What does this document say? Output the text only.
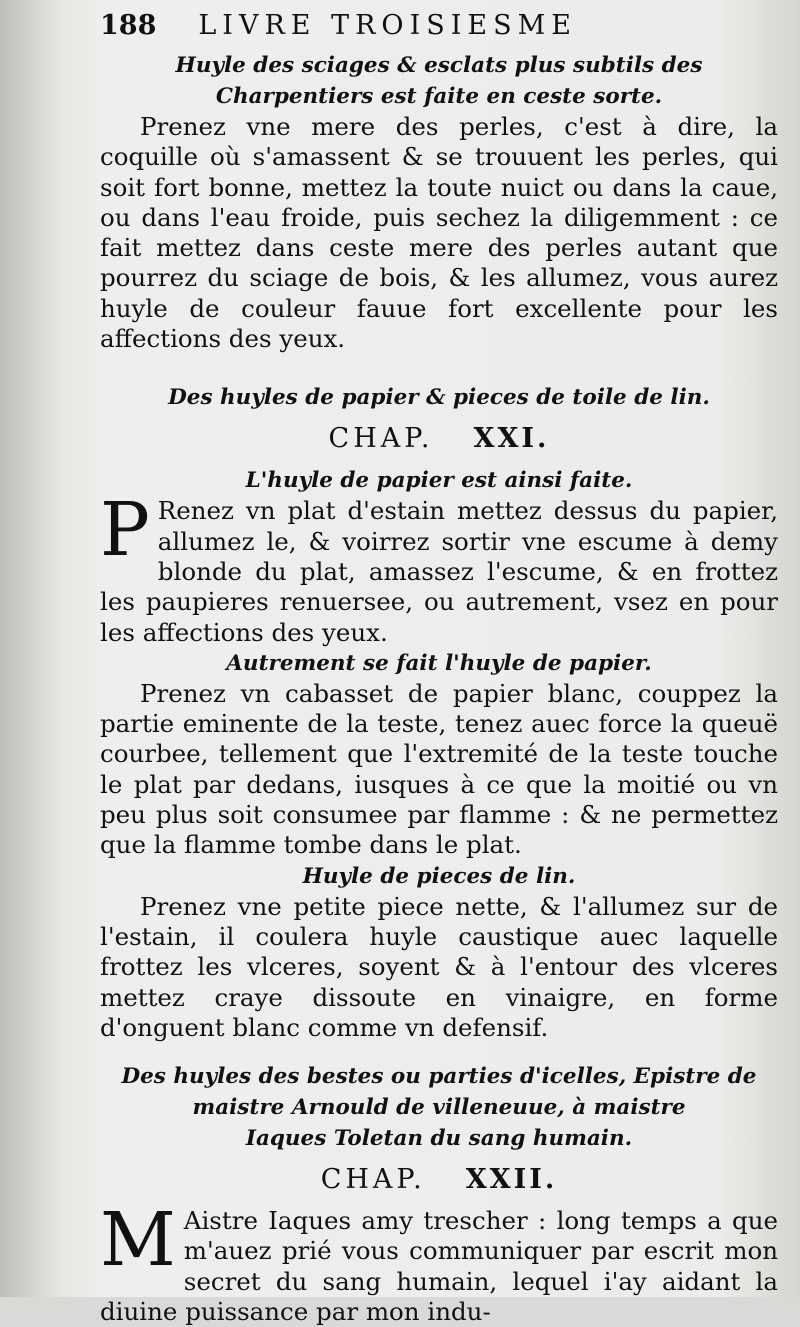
188 LIVRE TROISIESME

Huyle des sciages & esclats plus subtils des Charpentiers est faite en ceste sorte.

Prenez vne mere des perles, c'est à dire, la coquille où s'amassent & se trouuent les perles, qui soit fort bonne, mettez la toute nuict ou dans la caue, ou dans l'eau froide, puis sechez la diligemment : ce fait mettez dans ceste mere des perles autant que pourrez du sciage de bois, & les allumez, vous aurez huyle de couleur fauue fort excellente pour les affections des yeux.

Des huyles de papier & pieces de toile de lin.

CHAP. XXI.

L'huyle de papier est ainsi faite.

P Renez vn plat d'estain mettez dessus du papier, allumez le, & voirrez sortir vne escume à demy blonde du plat, amassez l'escume, & en frottez les paupieres renuersee, ou autrement, vsez en pour les affections des yeux.

Autrement se fait l'huyle de papier.

Prenez vn cabasset de papier blanc, couppez la partie eminente de la teste, tenez auec force la queuë courbee, tellement que l'extremité de la teste touche le plat par dedans, iusques à ce que la moitié ou vn peu plus soit consumee par flamme : & ne permettez que la flamme tombe dans le plat.

Huyle de pieces de lin.

Prenez vne petite piece nette, & l'allumez sur de l'estain, il coulera huyle caustique auec laquelle frottez les vlceres, soyent & à l'entour des vlceres mettez craye dissoute en vinaigre, en forme d'onguent blanc comme vn defensif.

Des huyles des bestes ou parties d'icelles, Epistre de

maistre Arnould de villeneuue, à maistre

Iaques Toletan du sang humain.

CHAP. XXII.
M Aistre Iaques amy trescher : long temps a que m'auez prié vous communiquer par escrit mon secret du sang humain, lequel i'ay aidant la diuine puissance par mon indu-
